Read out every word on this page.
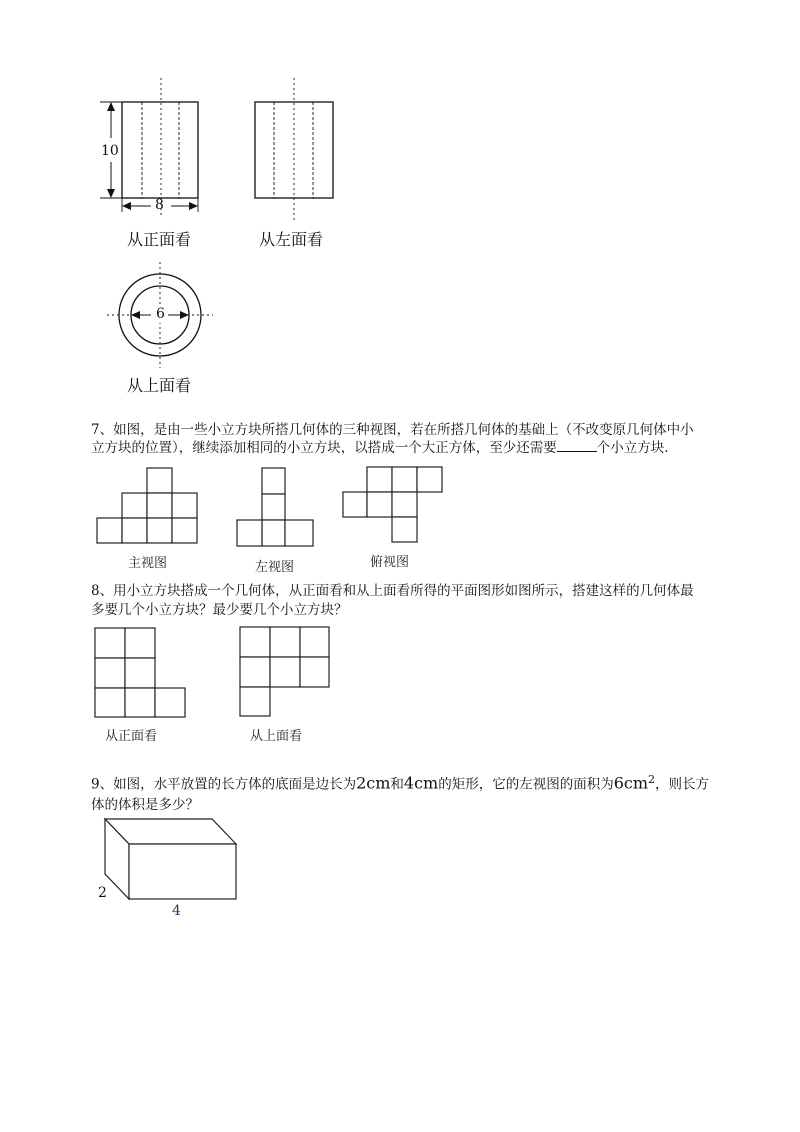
10
8
从正面看	从左面看
6
从上面看
7、如图，是由一些小立方块所搭几何体的三种视图，若在所搭几何体的基础上（不改变原几何体中小
立方块的位置），继续添加相同的小立方块，以搭成一个大正方体，至少还需要	个小立方块.
主视图	左视图	俯视图
8、用小立方块搭成一个几何体，从正面看和从上面看所得的平面图形如图所示，搭建这样的几何体最
多要几个小立方块？最少要几个小立方块？
从正面看	从上面看
9、如图，水平放置的长方体的底面是边长为2cm和4cm的矩形，它的左视图的面积为$6cm^2$，则长方
体的体积是多少？
2
4
